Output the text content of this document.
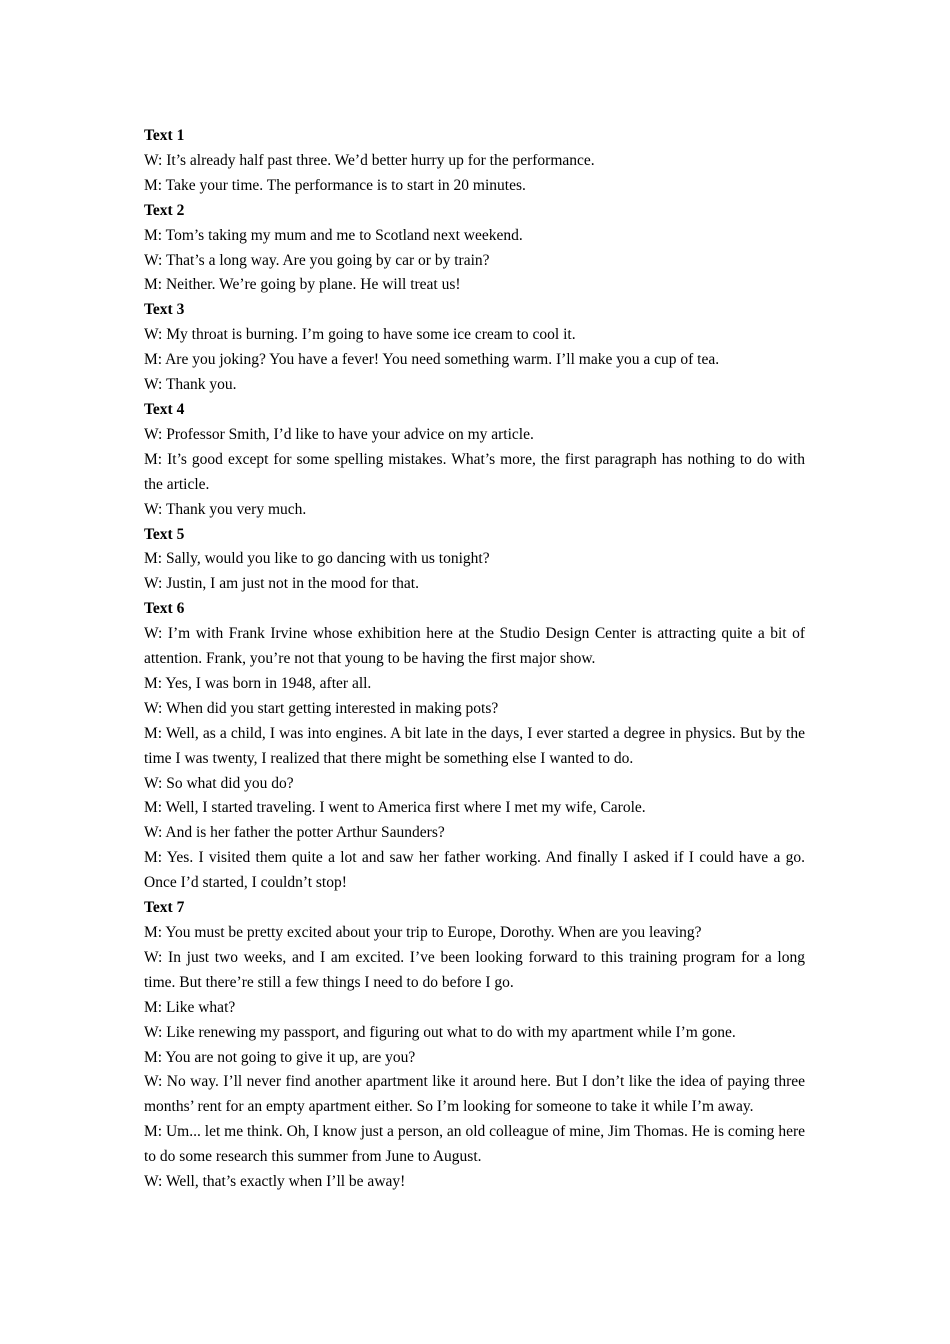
Text 1

W: It’s already half past three. We’d better hurry up for the performance.

M: Take your time. The performance is to start in 20 minutes.

Text 2

M: Tom’s taking my mum and me to Scotland next weekend.

W: That’s a long way. Are you going by car or by train?

M: Neither. We’re going by plane. He will treat us!

Text 3

W: My throat is burning. I’m going to have some ice cream to cool it.

M: Are you joking? You have a fever! You need something warm. I’ll make you a cup of tea.

W: Thank you.

Text 4

W: Professor Smith, I’d like to have your advice on my article.

M: It’s good except for some spelling mistakes. What’s more, the first paragraph has nothing to do with the article.

W: Thank you very much.

Text 5

M: Sally, would you like to go dancing with us tonight?

W: Justin, I am just not in the mood for that.

Text 6

W: I’m with Frank Irvine whose exhibition here at the Studio Design Center is attracting quite a bit of attention. Frank, you’re not that young to be having the first major show.

M: Yes, I was born in 1948, after all.

W: When did you start getting interested in making pots?

M: Well, as a child, I was into engines. A bit late in the days, I ever started a degree in physics. But by the time I was twenty, I realized that there might be something else I wanted to do.

W: So what did you do?

M: Well, I started traveling. I went to America first where I met my wife, Carole.

W: And is her father the potter Arthur Saunders?

M: Yes. I visited them quite a lot and saw her father working. And finally I asked if I could have a go. Once I’d started, I couldn’t stop!

Text 7

M: You must be pretty excited about your trip to Europe, Dorothy. When are you leaving?

W: In just two weeks, and I am excited. I’ve been looking forward to this training program for a long time. But there’re still a few things I need to do before I go.

M: Like what?

W: Like renewing my passport, and figuring out what to do with my apartment while I’m gone.

M: You are not going to give it up, are you?

W: No way. I’ll never find another apartment like it around here. But I don’t like the idea of paying three months’ rent for an empty apartment either. So I’m looking for someone to take it while I’m away.

M: Um... let me think. Oh, I know just a person, an old colleague of mine, Jim Thomas. He is coming here to do some research this summer from June to August.

W: Well, that’s exactly when I’ll be away!
